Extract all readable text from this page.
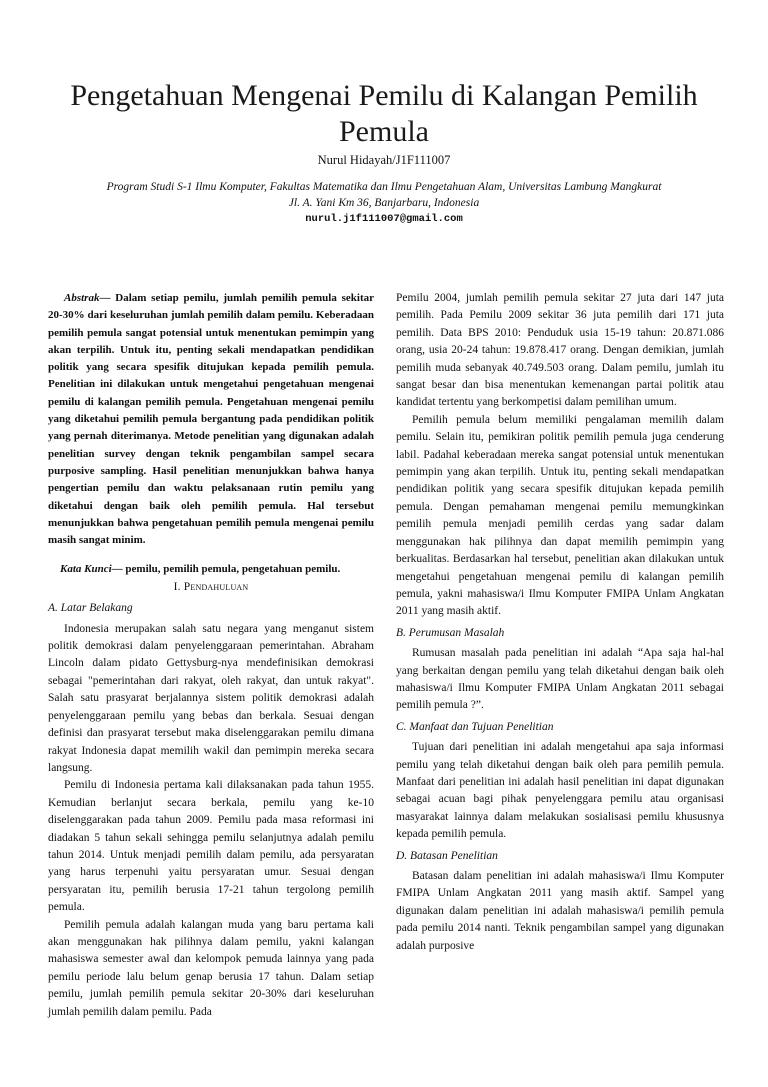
Pengetahuan Mengenai Pemilu di Kalangan Pemilih Pemula
Nurul Hidayah/J1F111007
Program Studi S-1 Ilmu Komputer, Fakultas Matematika dan Ilmu Pengetahuan Alam, Universitas Lambung Mangkurat
Jl. A. Yani Km 36, Banjarbaru, Indonesia
nurul.j1f111007@gmail.com

Abstrak— Dalam setiap pemilu, jumlah pemilih pemula sekitar 20-30% dari keseluruhan jumlah pemilih dalam pemilu. Keberadaan pemilih pemula sangat potensial untuk menentukan pemimpin yang akan terpilih. Untuk itu, penting sekali mendapatkan pendidikan politik yang secara spesifik ditujukan kepada pemilih pemula. Penelitian ini dilakukan untuk mengetahui pengetahuan mengenai pemilu di kalangan pemilih pemula. Pengetahuan mengenai pemilu yang diketahui pemilih pemula bergantung pada pendidikan politik yang pernah diterimanya. Metode penelitian yang digunakan adalah penelitian survey dengan teknik pengambilan sampel secara purposive sampling. Hasil penelitian menunjukkan bahwa hanya pengertian pemilu dan waktu pelaksanaan rutin pemilu yang diketahui dengan baik oleh pemilih pemula. Hal tersebut menunjukkan bahwa pengetahuan pemilih pemula mengenai pemilu masih sangat minim.

Kata Kunci— pemilu, pemilih pemula, pengetahuan pemilu.

I. Pendahuluan

A. Latar Belakang

Indonesia merupakan salah satu negara yang menganut sistem politik demokrasi dalam penyelenggaraan pemerintahan. Abraham Lincoln dalam pidato Gettysburg-nya mendefinisikan demokrasi sebagai "pemerintahan dari rakyat, oleh rakyat, dan untuk rakyat". Salah satu prasyarat berjalannya sistem politik demokrasi adalah penyelenggaraan pemilu yang bebas dan berkala. Sesuai dengan definisi dan prasyarat tersebut maka diselenggarakan pemilu dimana rakyat Indonesia dapat memilih wakil dan pemimpin mereka secara langsung.

Pemilu di Indonesia pertama kali dilaksanakan pada tahun 1955. Kemudian berlanjut secara berkala, pemilu yang ke-10 diselenggarakan pada tahun 2009. Pemilu pada masa reformasi ini diadakan 5 tahun sekali sehingga pemilu selanjutnya adalah pemilu tahun 2014. Untuk menjadi pemilih dalam pemilu, ada persyaratan yang harus terpenuhi yaitu persyaratan umur. Sesuai dengan persyaratan itu, pemilih berusia 17-21 tahun tergolong pemilih pemula.

Pemilih pemula adalah kalangan muda yang baru pertama kali akan menggunakan hak pilihnya dalam pemilu, yakni kalangan mahasiswa semester awal dan kelompok pemuda lainnya yang pada pemilu periode lalu belum genap berusia 17 tahun. Dalam setiap pemilu, jumlah pemilih pemula sekitar 20-30% dari keseluruhan jumlah pemilih dalam pemilu. Pada

Pemilu 2004, jumlah pemilih pemula sekitar 27 juta dari 147 juta pemilih. Pada Pemilu 2009 sekitar 36 juta pemilih dari 171 juta pemilih. Data BPS 2010: Penduduk usia 15-19 tahun: 20.871.086 orang, usia 20-24 tahun: 19.878.417 orang. Dengan demikian, jumlah pemilih muda sebanyak 40.749.503 orang. Dalam pemilu, jumlah itu sangat besar dan bisa menentukan kemenangan partai politik atau kandidat tertentu yang berkompetisi dalam pemilihan umum.

Pemilih pemula belum memiliki pengalaman memilih dalam pemilu. Selain itu, pemikiran politik pemilih pemula juga cenderung labil. Padahal keberadaan mereka sangat potensial untuk menentukan pemimpin yang akan terpilih. Untuk itu, penting sekali mendapatkan pendidikan politik yang secara spesifik ditujukan kepada pemilih pemula. Dengan pemahaman mengenai pemilu memungkinkan pemilih pemula menjadi pemilih cerdas yang sadar dalam menggunakan hak pilihnya dan dapat memilih pemimpin yang berkualitas. Berdasarkan hal tersebut, penelitian akan dilakukan untuk mengetahui pengetahuan mengenai pemilu di kalangan pemilih pemula, yakni mahasiswa/i Ilmu Komputer FMIPA Unlam Angkatan 2011 yang masih aktif.

B. Perumusan Masalah

Rumusan masalah pada penelitian ini adalah “Apa saja hal-hal yang berkaitan dengan pemilu yang telah diketahui dengan baik oleh mahasiswa/i Ilmu Komputer FMIPA Unlam Angkatan 2011 sebagai pemilih pemula ?”.

C. Manfaat dan Tujuan Penelitian

Tujuan dari penelitian ini adalah mengetahui apa saja informasi pemilu yang telah diketahui dengan baik oleh para pemilih pemula. Manfaat dari penelitian ini adalah hasil penelitian ini dapat digunakan sebagai acuan bagi pihak penyelenggara pemilu atau organisasi masyarakat lainnya dalam melakukan sosialisasi pemilu khususnya kepada pemilih pemula.

D. Batasan Penelitian

Batasan dalam penelitian ini adalah mahasiswa/i Ilmu Komputer FMIPA Unlam Angkatan 2011 yang masih aktif. Sampel yang digunakan dalam penelitian ini adalah mahasiswa/i pemilih pemula pada pemilu 2014 nanti. Teknik pengambilan sampel yang digunakan adalah purposive
